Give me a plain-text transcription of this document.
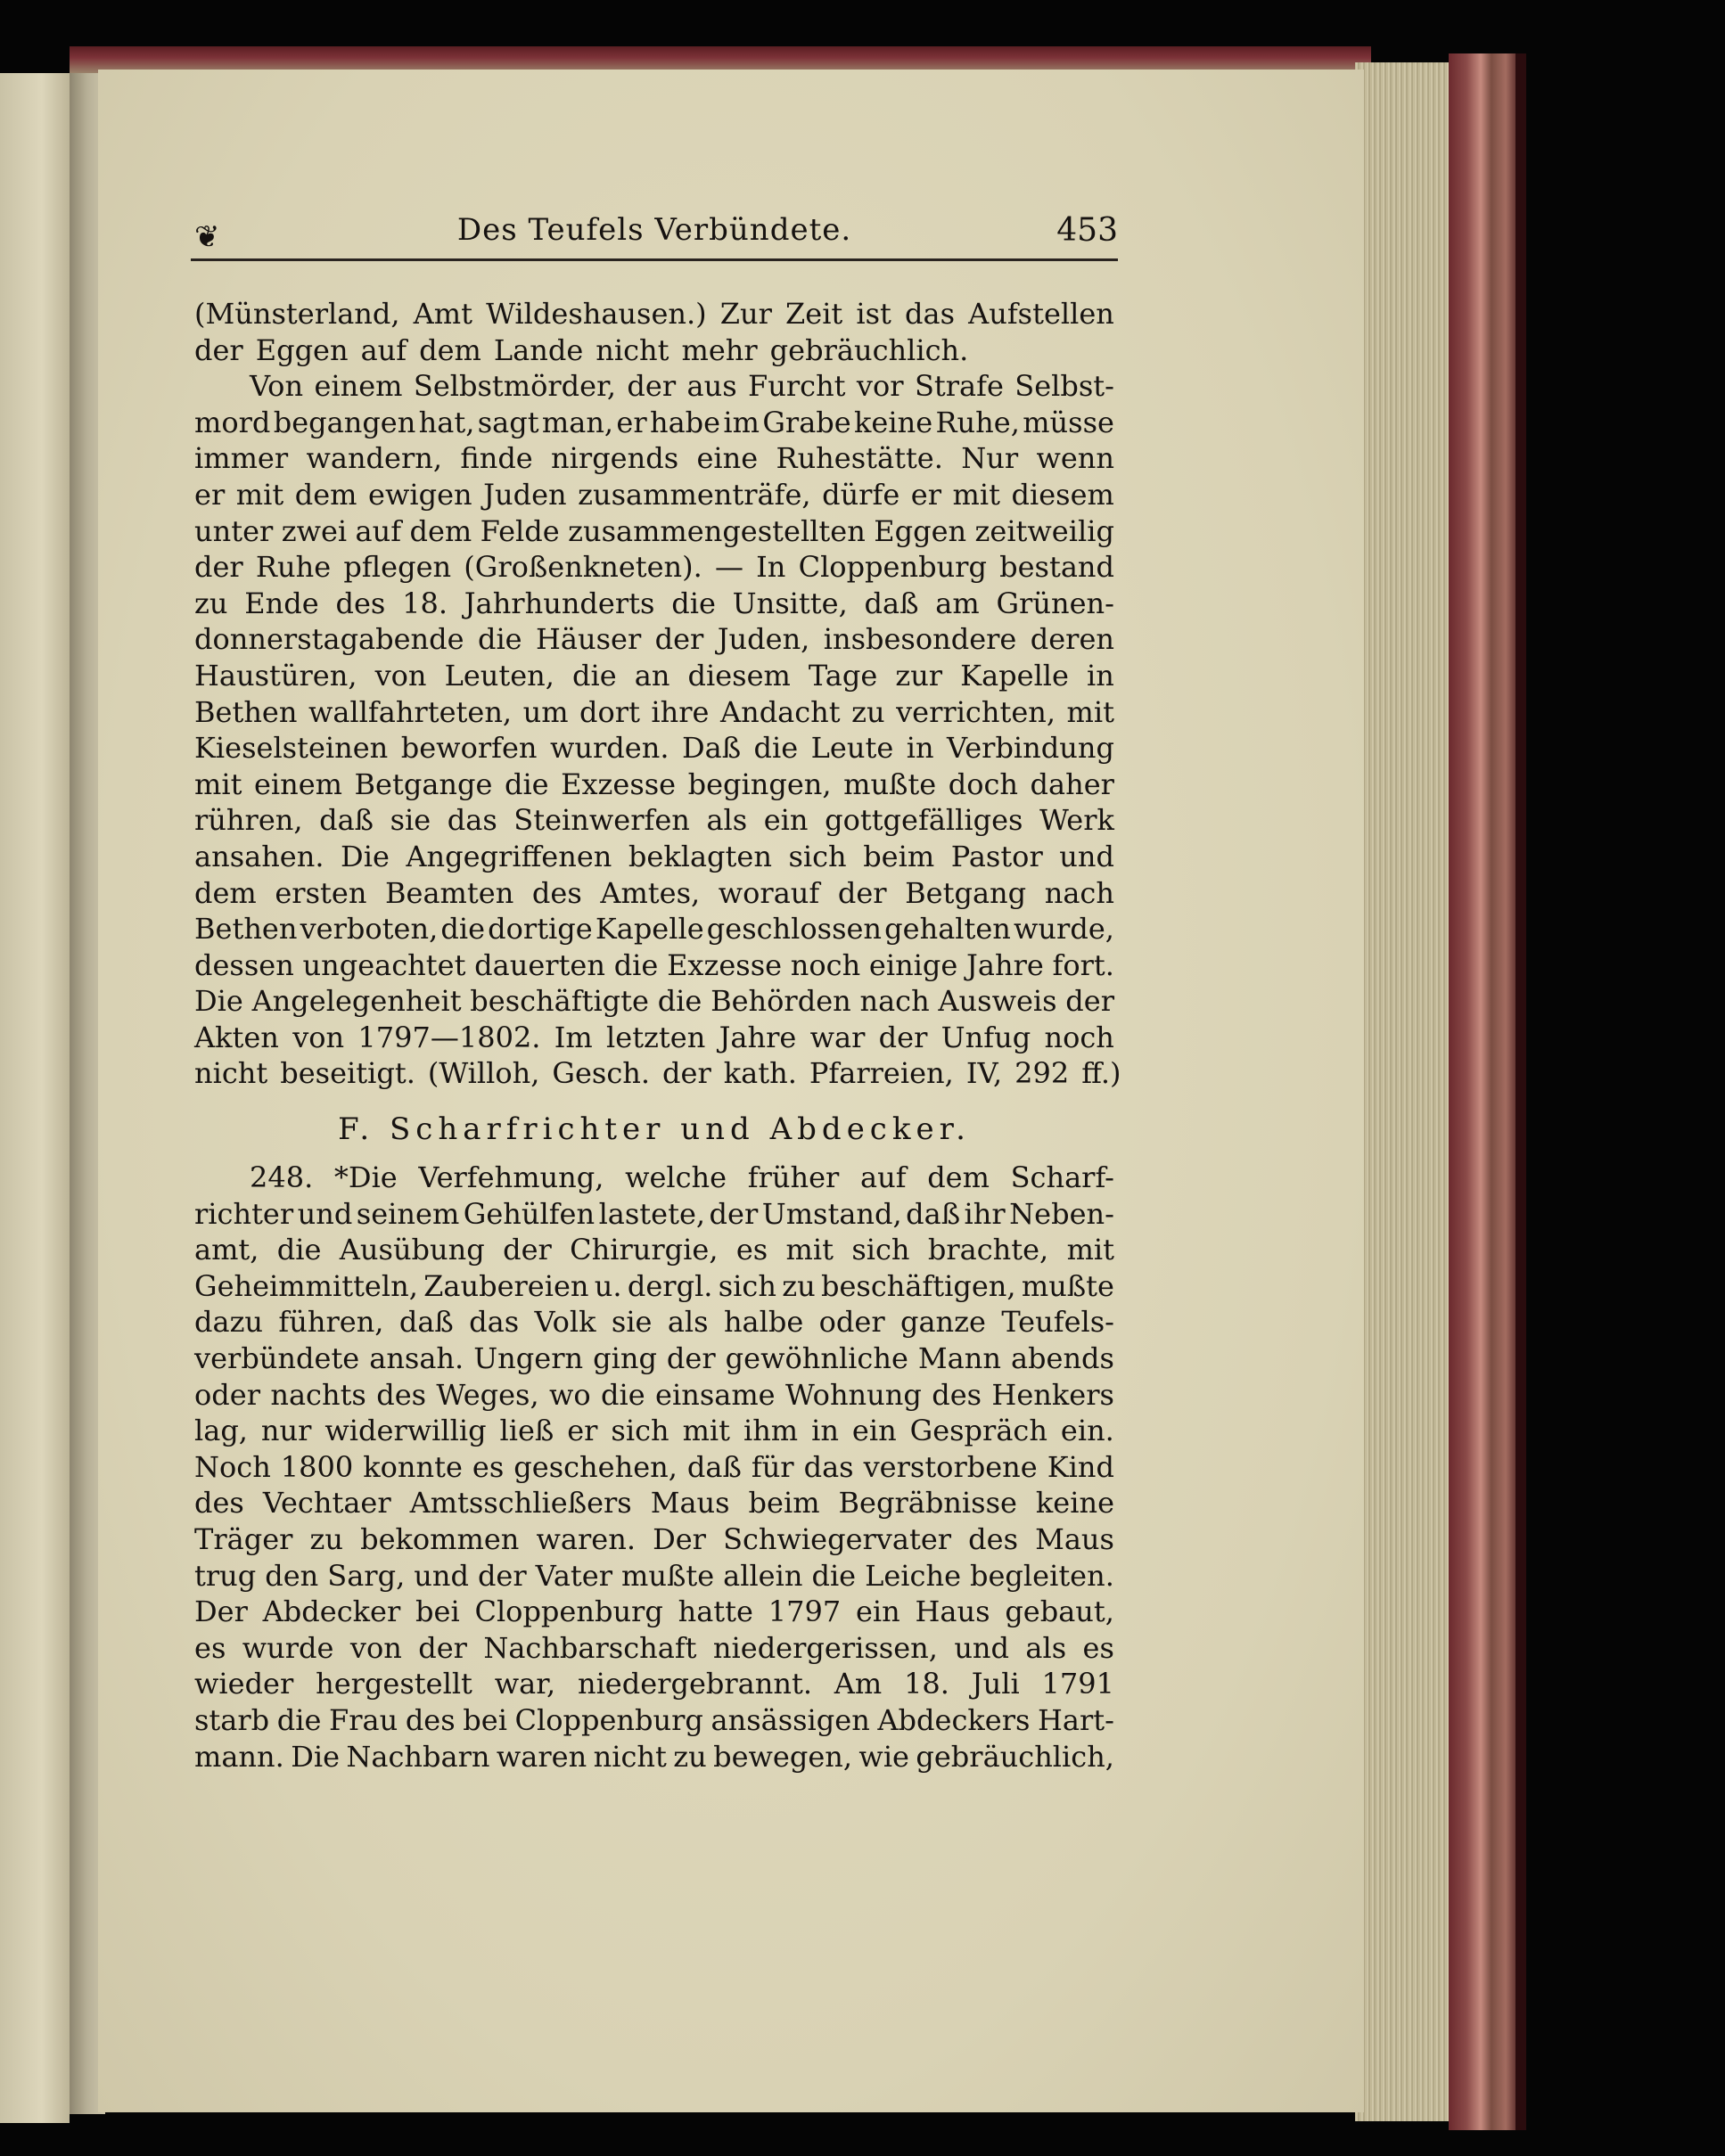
❦	Des Teufels Verbündete.	453
(Münsterland, Amt Wildeshausen.) Zur Zeit ist das Aufstellen
der Eggen auf dem Lande nicht mehr gebräuchlich.
Von einem Selbstmörder, der aus Furcht vor Strafe Selbst-
mord begangen hat, sagt man, er habe im Grabe keine Ruhe, müsse
immer wandern, finde nirgends eine Ruhestätte. Nur wenn
er mit dem ewigen Juden zusammenträfe, dürfe er mit diesem
unter zwei auf dem Felde zusammengestellten Eggen zeitweilig
der Ruhe pflegen (Großenkneten). — In Cloppenburg bestand
zu Ende des 18. Jahrhunderts die Unsitte, daß am Grünen-
donnerstagabende die Häuser der Juden, insbesondere deren
Haustüren, von Leuten, die an diesem Tage zur Kapelle in
Bethen wallfahrteten, um dort ihre Andacht zu verrichten, mit
Kieselsteinen beworfen wurden. Daß die Leute in Verbindung
mit einem Betgange die Exzesse begingen, mußte doch daher
rühren, daß sie das Steinwerfen als ein gottgefälliges Werk
ansahen. Die Angegriffenen beklagten sich beim Pastor und
dem ersten Beamten des Amtes, worauf der Betgang nach
Bethen verboten, die dortige Kapelle geschlossen gehalten wurde,
dessen ungeachtet dauerten die Exzesse noch einige Jahre fort.
Die Angelegenheit beschäftigte die Behörden nach Ausweis der
Akten von 1797—1802. Im letzten Jahre war der Unfug noch
nicht beseitigt. (Willoh, Gesch. der kath. Pfarreien, IV, 292 ff.)
F. Scharfrichter und Abdecker.
248. *Die Verfehmung, welche früher auf dem Scharf-
richter und seinem Gehülfen lastete, der Umstand, daß ihr Neben-
amt, die Ausübung der Chirurgie, es mit sich brachte, mit
Geheimmitteln, Zaubereien u. dergl. sich zu beschäftigen, mußte
dazu führen, daß das Volk sie als halbe oder ganze Teufels-
verbündete ansah. Ungern ging der gewöhnliche Mann abends
oder nachts des Weges, wo die einsame Wohnung des Henkers
lag, nur widerwillig ließ er sich mit ihm in ein Gespräch ein.
Noch 1800 konnte es geschehen, daß für das verstorbene Kind
des Vechtaer Amtsschließers Maus beim Begräbnisse keine
Träger zu bekommen waren. Der Schwiegervater des Maus
trug den Sarg, und der Vater mußte allein die Leiche begleiten.
Der Abdecker bei Cloppenburg hatte 1797 ein Haus gebaut,
es wurde von der Nachbarschaft niedergerissen, und als es
wieder hergestellt war, niedergebrannt. Am 18. Juli 1791
starb die Frau des bei Cloppenburg ansässigen Abdeckers Hart-
mann. Die Nachbarn waren nicht zu bewegen, wie gebräuchlich,
